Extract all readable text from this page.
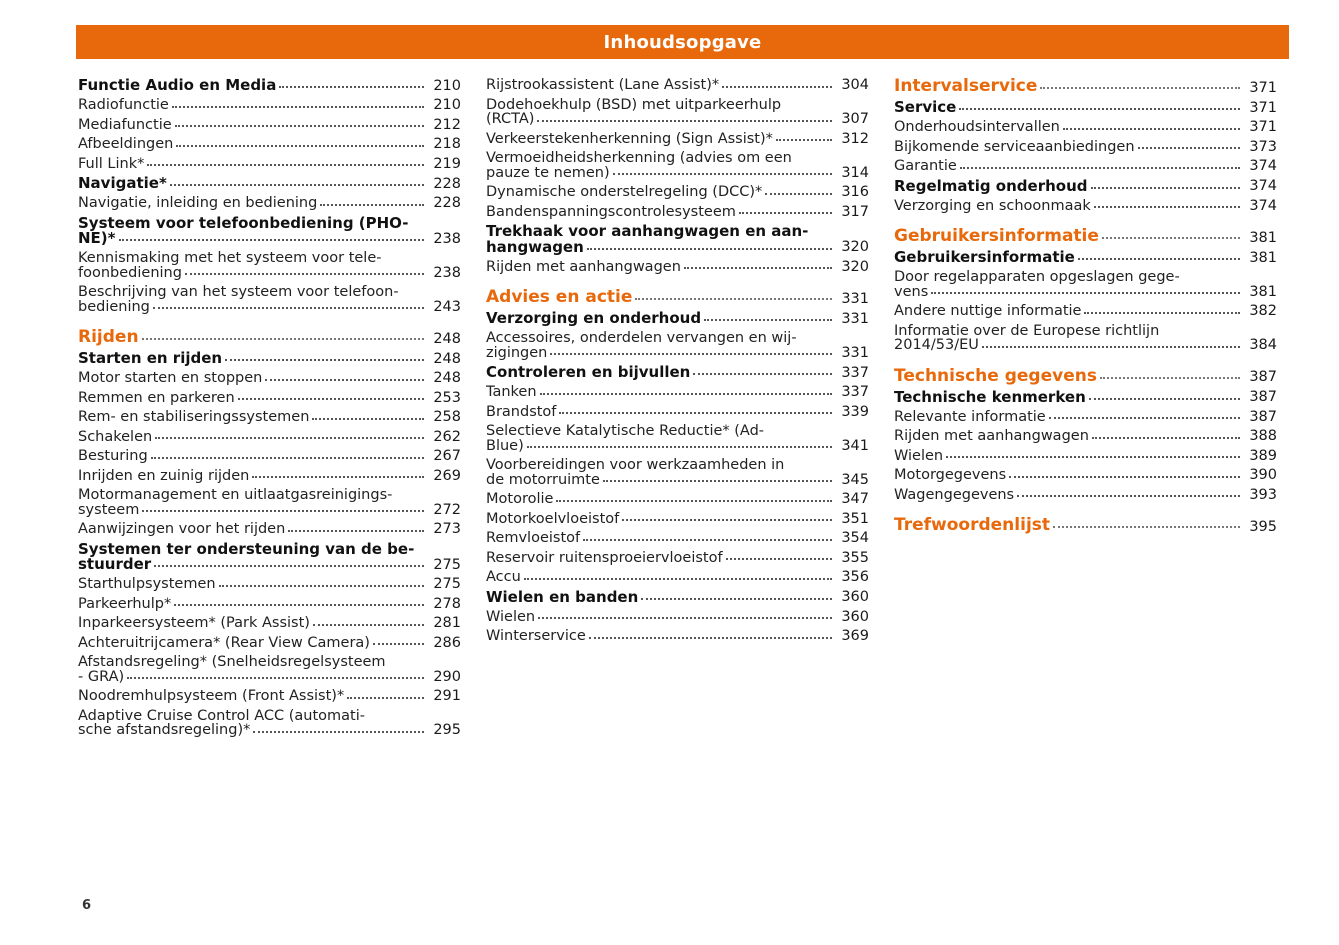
Inhoudsopgave
Functie Audio en Media	210
Radiofunctie	210
Mediafunctie	212
Afbeeldingen	218
Full Link*	219
Navigatie*	228
Navigatie, inleiding en bediening	228
Systeem voor telefoonbediening (PHO-
NE)*	238
Kennismaking met het systeem voor tele-
foonbediening	238
Beschrijving van het systeem voor telefoon-
bediening	243
Rijden	248
Starten en rijden	248
Motor starten en stoppen	248
Remmen en parkeren	253
Rem- en stabiliseringssystemen	258
Schakelen	262
Besturing	267
Inrijden en zuinig rijden	269
Motormanagement en uitlaatgasreinigings-
systeem	272
Aanwijzingen voor het rijden	273
Systemen ter ondersteuning van de be-
stuurder	275
Starthulpsystemen	275
Parkeerhulp*	278
Inparkeersysteem* (Park Assist)	281
Achteruitrijcamera* (Rear View Camera)	286
Afstandsregeling* (Snelheidsregelsysteem
- GRA)	290
Noodremhulpsysteem (Front Assist)*	291
Adaptive Cruise Control ACC (automati-
sche afstandsregeling)*	295
Rijstrookassistent (Lane Assist)*	304
Dodehoekhulp (BSD) met uitparkeerhulp
(RCTA)	307
Verkeerstekenherkenning (Sign Assist)*	312
Vermoeidheidsherkenning (advies om een
pauze te nemen)	314
Dynamische onderstelregeling (DCC)*	316
Bandenspanningscontrolesysteem	317
Trekhaak voor aanhangwagen en aan-
hangwagen	320
Rijden met aanhangwagen	320
Advies en actie	331
Verzorging en onderhoud	331
Accessoires, onderdelen vervangen en wij-
zigingen	331
Controleren en bijvullen	337
Tanken	337
Brandstof	339
Selectieve Katalytische Reductie* (Ad-
Blue)	341
Voorbereidingen voor werkzaamheden in
de motorruimte	345
Motorolie	347
Motorkoelvloeistof	351
Remvloeistof	354
Reservoir ruitensproeiervloeistof	355
Accu	356
Wielen en banden	360
Wielen	360
Winterservice	369
Intervalservice	371
Service	371
Onderhoudsintervallen	371
Bijkomende serviceaanbiedingen	373
Garantie	374
Regelmatig onderhoud	374
Verzorging en schoonmaak	374
Gebruikersinformatie	381
Gebruikersinformatie	381
Door regelapparaten opgeslagen gege-
vens	381
Andere nuttige informatie	382
Informatie over de Europese richtlijn
2014/53/EU	384
Technische gegevens	387
Technische kenmerken	387
Relevante informatie	387
Rijden met aanhangwagen	388
Wielen	389
Motorgegevens	390
Wagengegevens	393
Trefwoordenlijst	395
6
